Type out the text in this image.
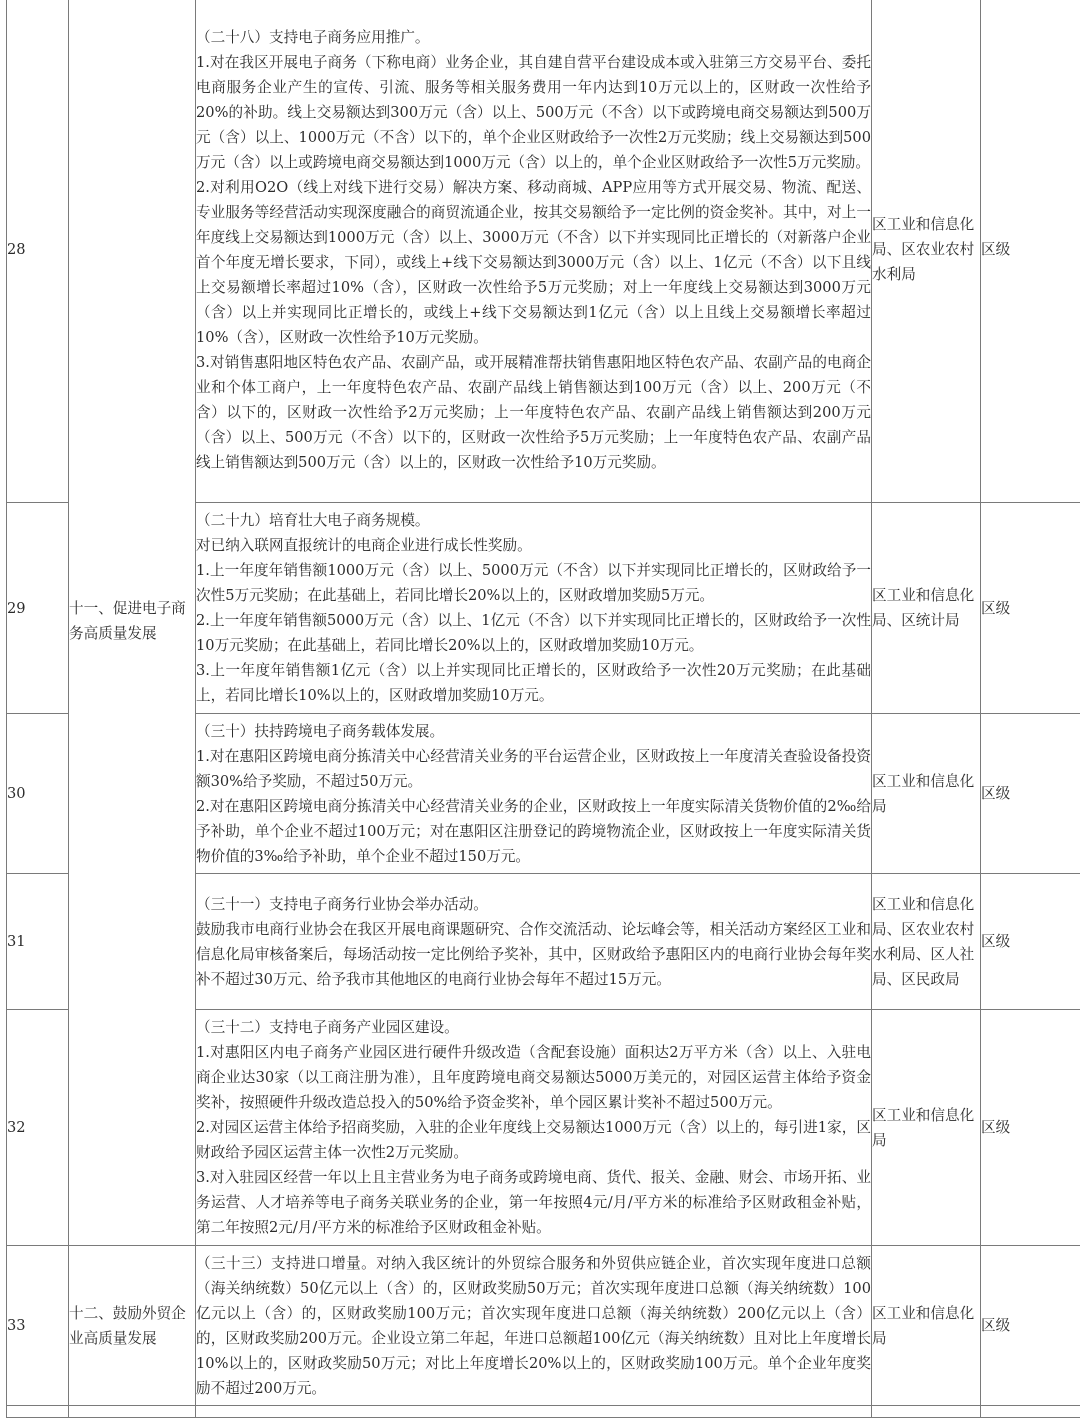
28	十一、促进电子商务高质量发展	（二十八）支持电子商务应用推广。

1.对在我区开展电子商务（下称电商）业务企业，其自建自营平台建设成本或入驻第三方交易平台、委托电商服务企业产生的宣传、引流、服务等相关服务费用一年内达到10万元以上的，区财政一次性给予20%的补助。线上交易额达到300万元（含）以上、500万元（不含）以下或跨境电商交易额达到500万元（含）以上、1000万元（不含）以下的，单个企业区财政给予一次性2万元奖励；线上交易额达到500万元（含）以上或跨境电商交易额达到1000万元（含）以上的，单个企业区财政给予一次性5万元奖励。

2.对利用O2O（线上对线下进行交易）解决方案、移动商城、APP应用等方式开展交易、物流、配送、专业服务等经营活动实现深度融合的商贸流通企业，按其交易额给予一定比例的资金奖补。其中，对上一年度线上交易额达到1000万元（含）以上、3000万元（不含）以下并实现同比正增长的（对新落户企业首个年度无增长要求，下同），或线上+线下交易额达到3000万元（含）以上、1亿元（不含）以下且线上交易额增长率超过10%（含），区财政一次性给予5万元奖励；对上一年度线上交易额达到3000万元（含）以上并实现同比正增长的，或线上+线下交易额达到1亿元（含）以上且线上交易额增长率超过10%（含），区财政一次性给予10万元奖励。

3.对销售惠阳地区特色农产品、农副产品，或开展精准帮扶销售惠阳地区特色农产品、农副产品的电商企业和个体工商户，上一年度特色农产品、农副产品线上销售额达到100万元（含）以上、200万元（不含）以下的，区财政一次性给予2万元奖励；上一年度特色农产品、农副产品线上销售额达到200万元（含）以上、500万元（不含）以下的，区财政一次性给予5万元奖励；上一年度特色农产品、农副产品线上销售额达到500万元（含）以上的，区财政一次性给予10万元奖励。	区工业和信息化局、区农业农村水利局	区级
29		（二十九）培育壮大电子商务规模。

对已纳入联网直报统计的电商企业进行成长性奖励。

1.上一年度年销售额1000万元（含）以上、5000万元（不含）以下并实现同比正增长的，区财政给予一次性5万元奖励；在此基础上，若同比增长20%以上的，区财政增加奖励5万元。

2.上一年度年销售额5000万元（含）以上、1亿元（不含）以下并实现同比正增长的，区财政给予一次性10万元奖励；在此基础上，若同比增长20%以上的，区财政增加奖励10万元。

3.上一年度年销售额1亿元（含）以上并实现同比正增长的，区财政给予一次性20万元奖励；在此基础上，若同比增长10%以上的，区财政增加奖励10万元。	区工业和信息化局、区统计局	区级
30		（三十）扶持跨境电子商务载体发展。

1.对在惠阳区跨境电商分拣清关中心经营清关业务的平台运营企业，区财政按上一年度清关查验设备投资额30%给予奖励，不超过50万元。

2.对在惠阳区跨境电商分拣清关中心经营清关业务的企业，区财政按上一年度实际清关货物价值的2‰给予补助，单个企业不超过100万元；对在惠阳区注册登记的跨境物流企业，区财政按上一年度实际清关货物价值的3‰给予补助，单个企业不超过150万元。	区工业和信息化局	区级
31		（三十一）支持电子商务行业协会举办活动。

鼓励我市电商行业协会在我区开展电商课题研究、合作交流活动、论坛峰会等，相关活动方案经区工业和信息化局审核备案后，每场活动按一定比例给予奖补，其中，区财政给予惠阳区内的电商行业协会每年奖补不超过30万元、给予我市其他地区的电商行业协会每年不超过15万元。	区工业和信息化局、区农业农村水利局、区人社局、区民政局	区级
32		（三十二）支持电子商务产业园区建设。

1.对惠阳区内电子商务产业园区进行硬件升级改造（含配套设施）面积达2万平方米（含）以上、入驻电商企业达30家（以工商注册为准），且年度跨境电商交易额达5000万美元的，对园区运营主体给予资金奖补，按照硬件升级改造总投入的50%给予资金奖补，单个园区累计奖补不超过500万元。

2.对园区运营主体给予招商奖励，入驻的企业年度线上交易额达1000万元（含）以上的，每引进1家，区财政给予园区运营主体一次性2万元奖励。

3.对入驻园区经营一年以上且主营业务为电子商务或跨境电商、货代、报关、金融、财会、市场开拓、业务运营、人才培养等电子商务关联业务的企业，第一年按照4元/月/平方米的标准给予区财政租金补贴，第二年按照2元/月/平方米的标准给予区财政租金补贴。	区工业和信息化局	区级
33	十二、鼓励外贸企业高质量发展	（三十三）支持进口增量。对纳入我区统计的外贸综合服务和外贸供应链企业，首次实现年度进口总额（海关纳统数）50亿元以上（含）的，区财政奖励50万元；首次实现年度进口总额（海关纳统数）100亿元以上（含）的，区财政奖励100万元；首次实现年度进口总额（海关纳统数）200亿元以上（含）的，区财政奖励200万元。企业设立第二年起，年进口总额超100亿元（海关纳统数）且对比上年度增长10%以上的，区财政奖励50万元；对比上年度增长20%以上的，区财政奖励100万元。单个企业年度奖励不超过200万元。	区工业和信息化局	区级
